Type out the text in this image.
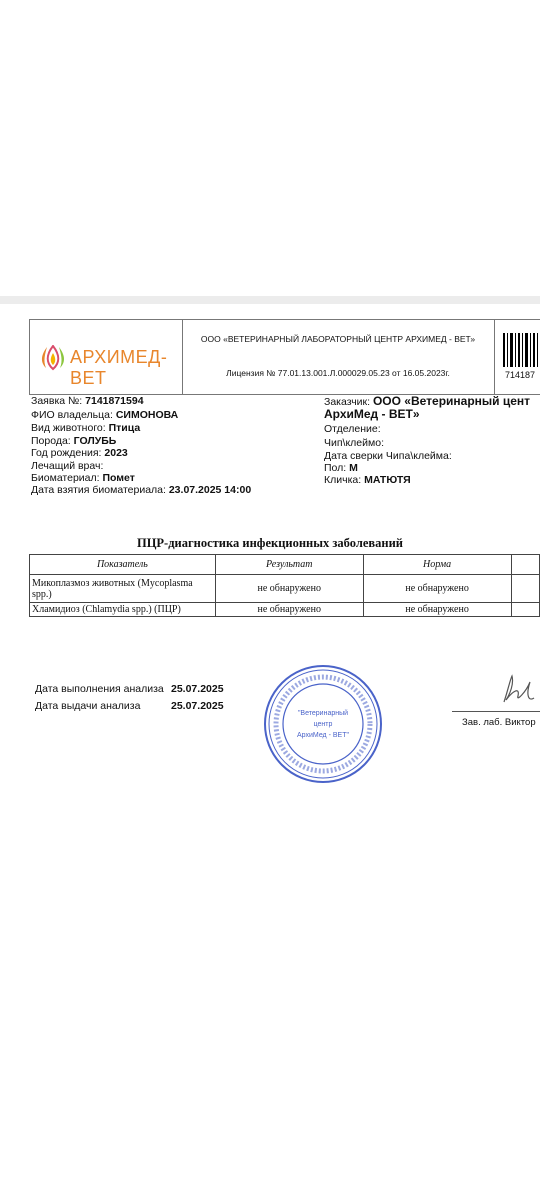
АРХИМЕД-ВЕТ
ООО «ВЕТЕРИНАРНЫЙ ЛАБОРАТОРНЫЙ ЦЕНТР АРХИМЕД - ВЕТ»
Лицензия № 77.01.13.001.Л.000029.05.23 от 16.05.2023г.	714187
Заявка №: 7141871594
ФИО владельца: СИМОНОВА
Вид животного: Птица
Порода: ГОЛУБЬ
Год рождения: 2023
Лечащий врач:
Биоматериал: Помет
Дата взятия биоматериала: 23.07.2025 14:00
Заказчик: ООО «Ветеринарный цент
АрхиМед - ВЕТ»
Отделение:
Чип\клеймо:
Дата сверки Чипа\клейма:
Пол: М
Кличка: МАТЮТЯ
ПЦР-диагностика инфекционных заболеваний
Показатель	Результат	Норма	

Микоплазмоз животных (Mycoplasma
spp.)	не обнаружено	не обнаружено	
Хламидиоз (Chlamydia spp.) (ПЦР)	не обнаружено	не обнаружено	
Дата выполнения анализа 25.07.2025
Дата выдачи анализа	25.07.2025
"Ветеринарный
центр
АрхиМед - ВЕТ"
Зав. лаб. Виктор
